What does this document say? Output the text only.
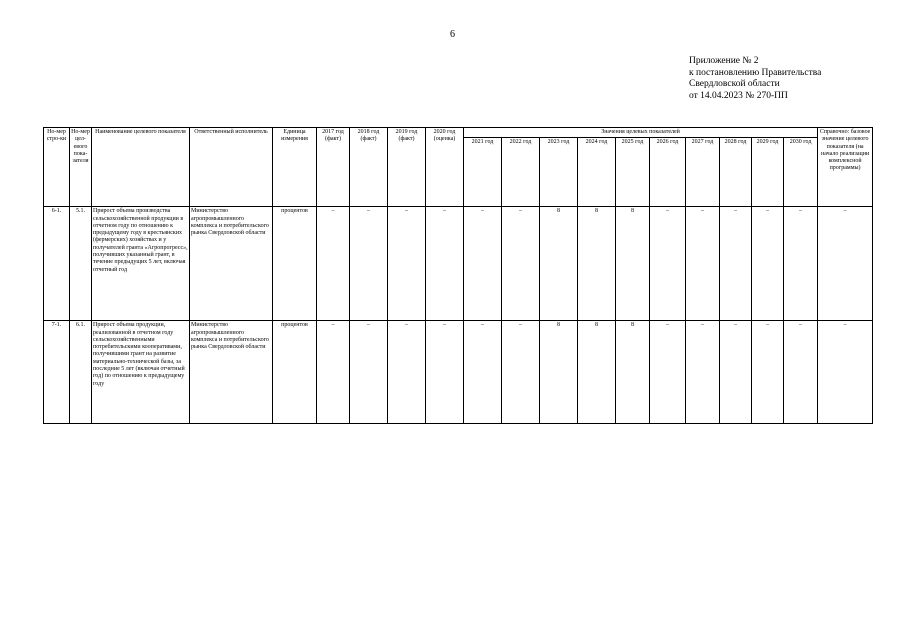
6
Приложение № 2
к постановлению Правительства
Свердловской области
от 14.04.2023 № 270-ПП
Но-мер стро-ки	Но-мер цел-евого пока-зателя	Наименование целевого показателя	Ответственный исполнитель	Единица измерения	2017 год (факт)	2018 год (факт)	2019 год (факт)	2020 год (оценка)	Значения целевых показателей										Справочно: базовое значение целевого показателя (на начало реализации комплексной программы)
									2021 год	2022 год	2023 год	2024 год	2025 год	2026 год	2027 год	2028 год	2029 год	2030 год	
6-1.	5.1.	Прирост объема производства сельскохозяйственной продукции в отчетном году по отношению к предыдущему году в крестьянских (фермерских) хозяйствах и у получателей гранта «Агропрогресс», получивших указанный грант, в течение предыдущих 5 лет, включая отчетный год	Министерство агропромышленного комплекса и потребительского рынка Свердловской области	процентов	–	–	–	–	–	–	8	8	8	–	–	–	–	–	–
7-1.	6.1.	Прирост объема продукции, реализованной в отчетном году сельскохозяйственными потребительскими кооперативами, получившими грант на развитие материально-технической базы, за последние 5 лет (включая отчетный год) по отношению к предыдущему году	Министерство агропромышленного комплекса и потребительского рынка Свердловской области	процентов	–	–	–	–	–	–	8	8	8	–	–	–	–	–	–
